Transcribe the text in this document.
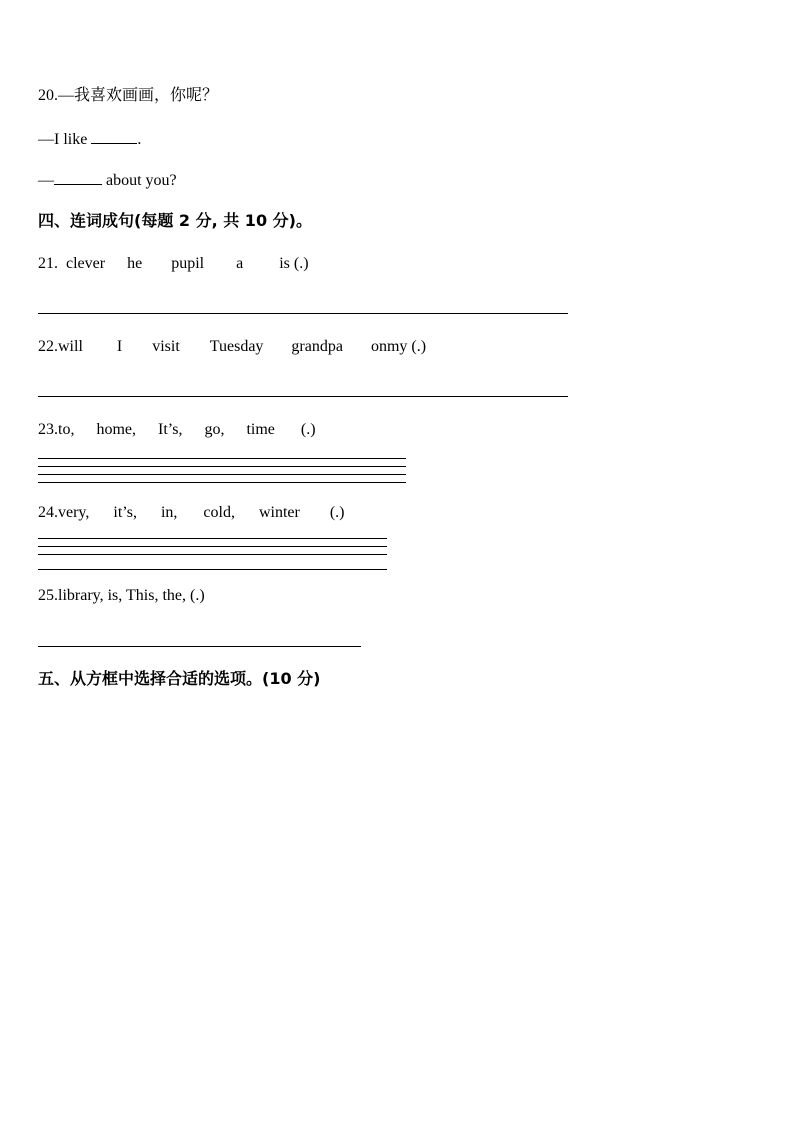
20.—我喜欢画画，你呢？
—I like	.
—	about you?
四、连词成句(每题 2 分, 共 10 分)。
21. clever he pupil a is (.)
22.will I visit Tuesday grandpa onmy (.)
23.to, home, It’s, go, time (.)
24.very, it’s, in, cold, winter (.)
25.library, is, This, the, (.)
五、从方框中选择合适的选项。(10 分)
